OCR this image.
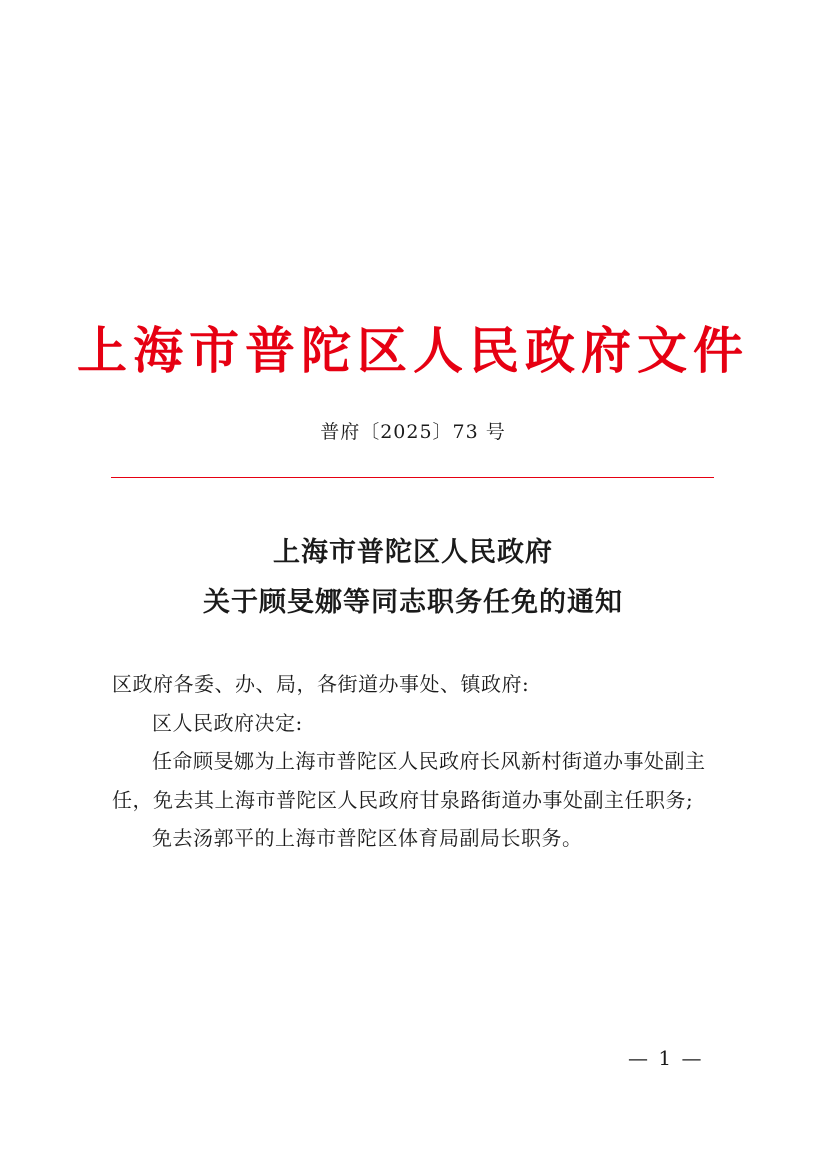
上海市普陀区人民政府文件
普府〔2025〕73 号
上海市普陀区人民政府
关于顾旻娜等同志职务任免的通知

区政府各委、办、局，各街道办事处、镇政府:

区人民政府决定:

任命顾旻娜为上海市普陀区人民政府长风新村街道办事处副主任，免去其上海市普陀区人民政府甘泉路街道办事处副主任职务;

免去汤郭平的上海市普陀区体育局副局长职务。

— 1 —
